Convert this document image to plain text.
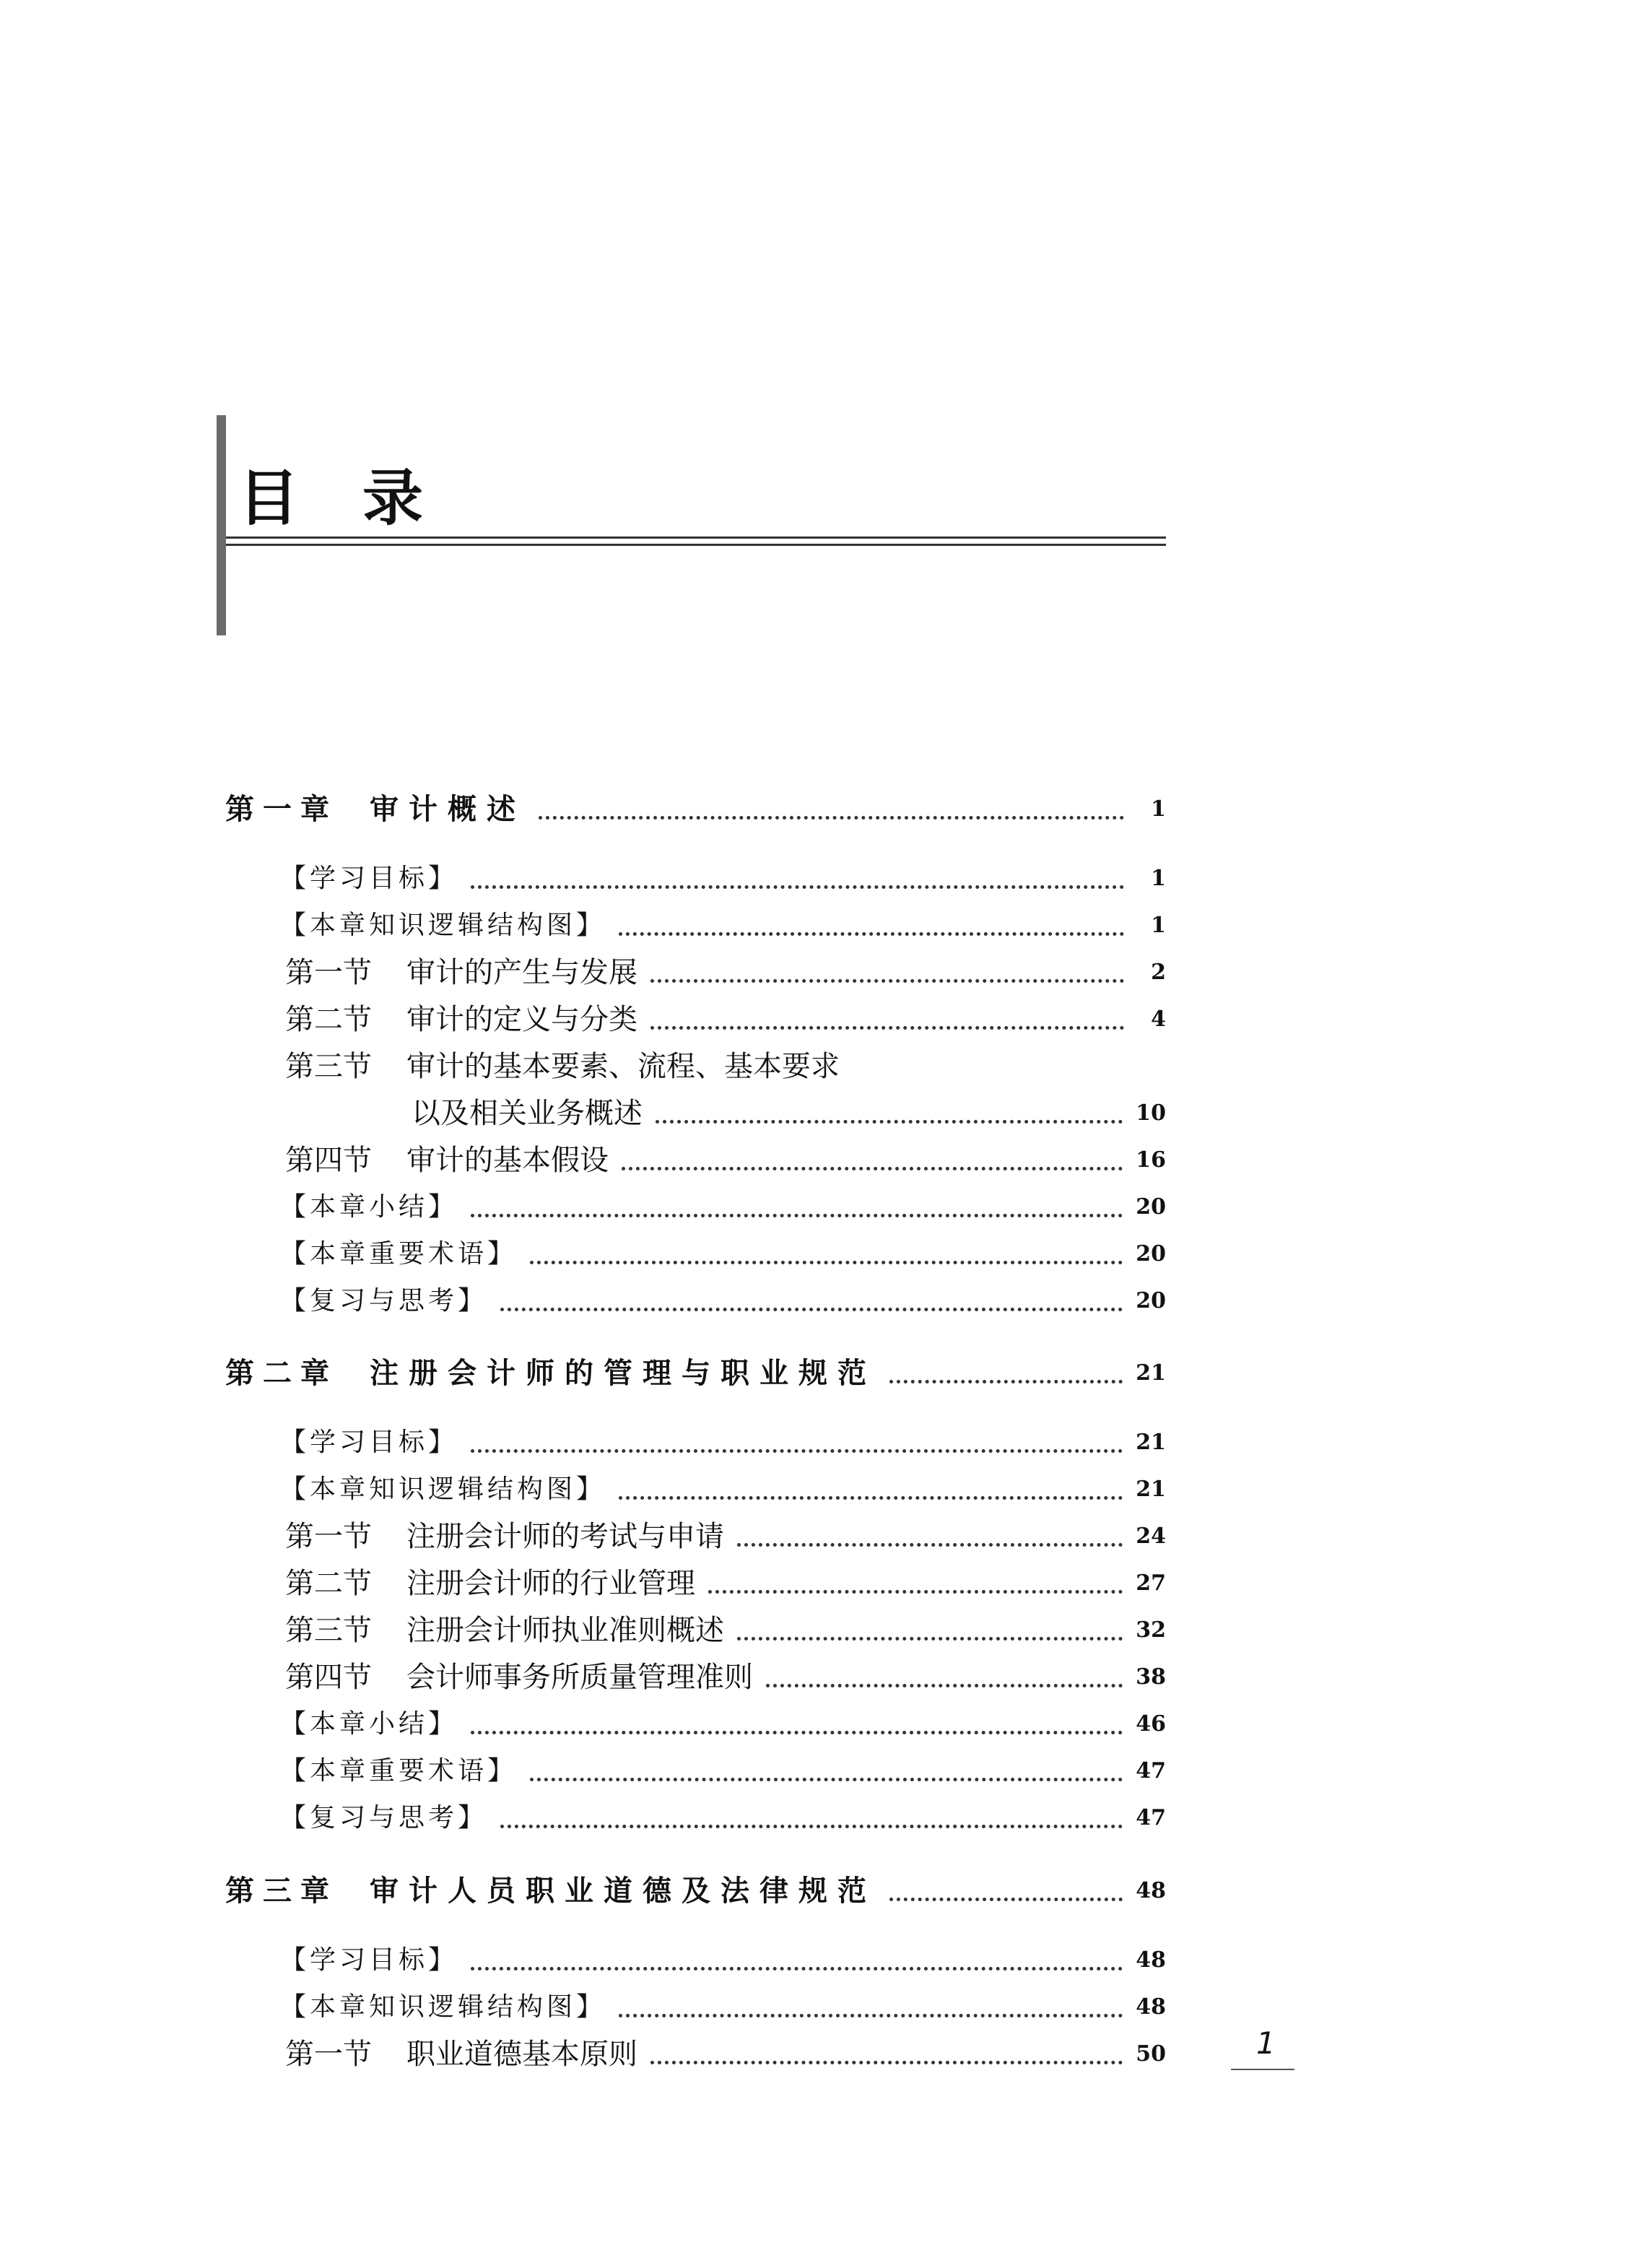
目录
第一章 审计概述	1
【学习目标】	1
【本章知识逻辑结构图】	1
第一节 审计的产生与发展	2
第二节 审计的定义与分类	4
第三节 审计的基本要素、流程、基本要求
以及相关业务概述	10
第四节 审计的基本假设	16
【本章小结】	20
【本章重要术语】	20
【复习与思考】	20
第二章 注册会计师的管理与职业规范	21
【学习目标】	21
【本章知识逻辑结构图】	21
第一节 注册会计师的考试与申请	24
第二节 注册会计师的行业管理	27
第三节 注册会计师执业准则概述	32
第四节 会计师事务所质量管理准则	38
【本章小结】	46
【本章重要术语】	47
【复习与思考】	47
第三章 审计人员职业道德及法律规范	48
【学习目标】	48
【本章知识逻辑结构图】	48
第一节 职业道德基本原则	50	1
